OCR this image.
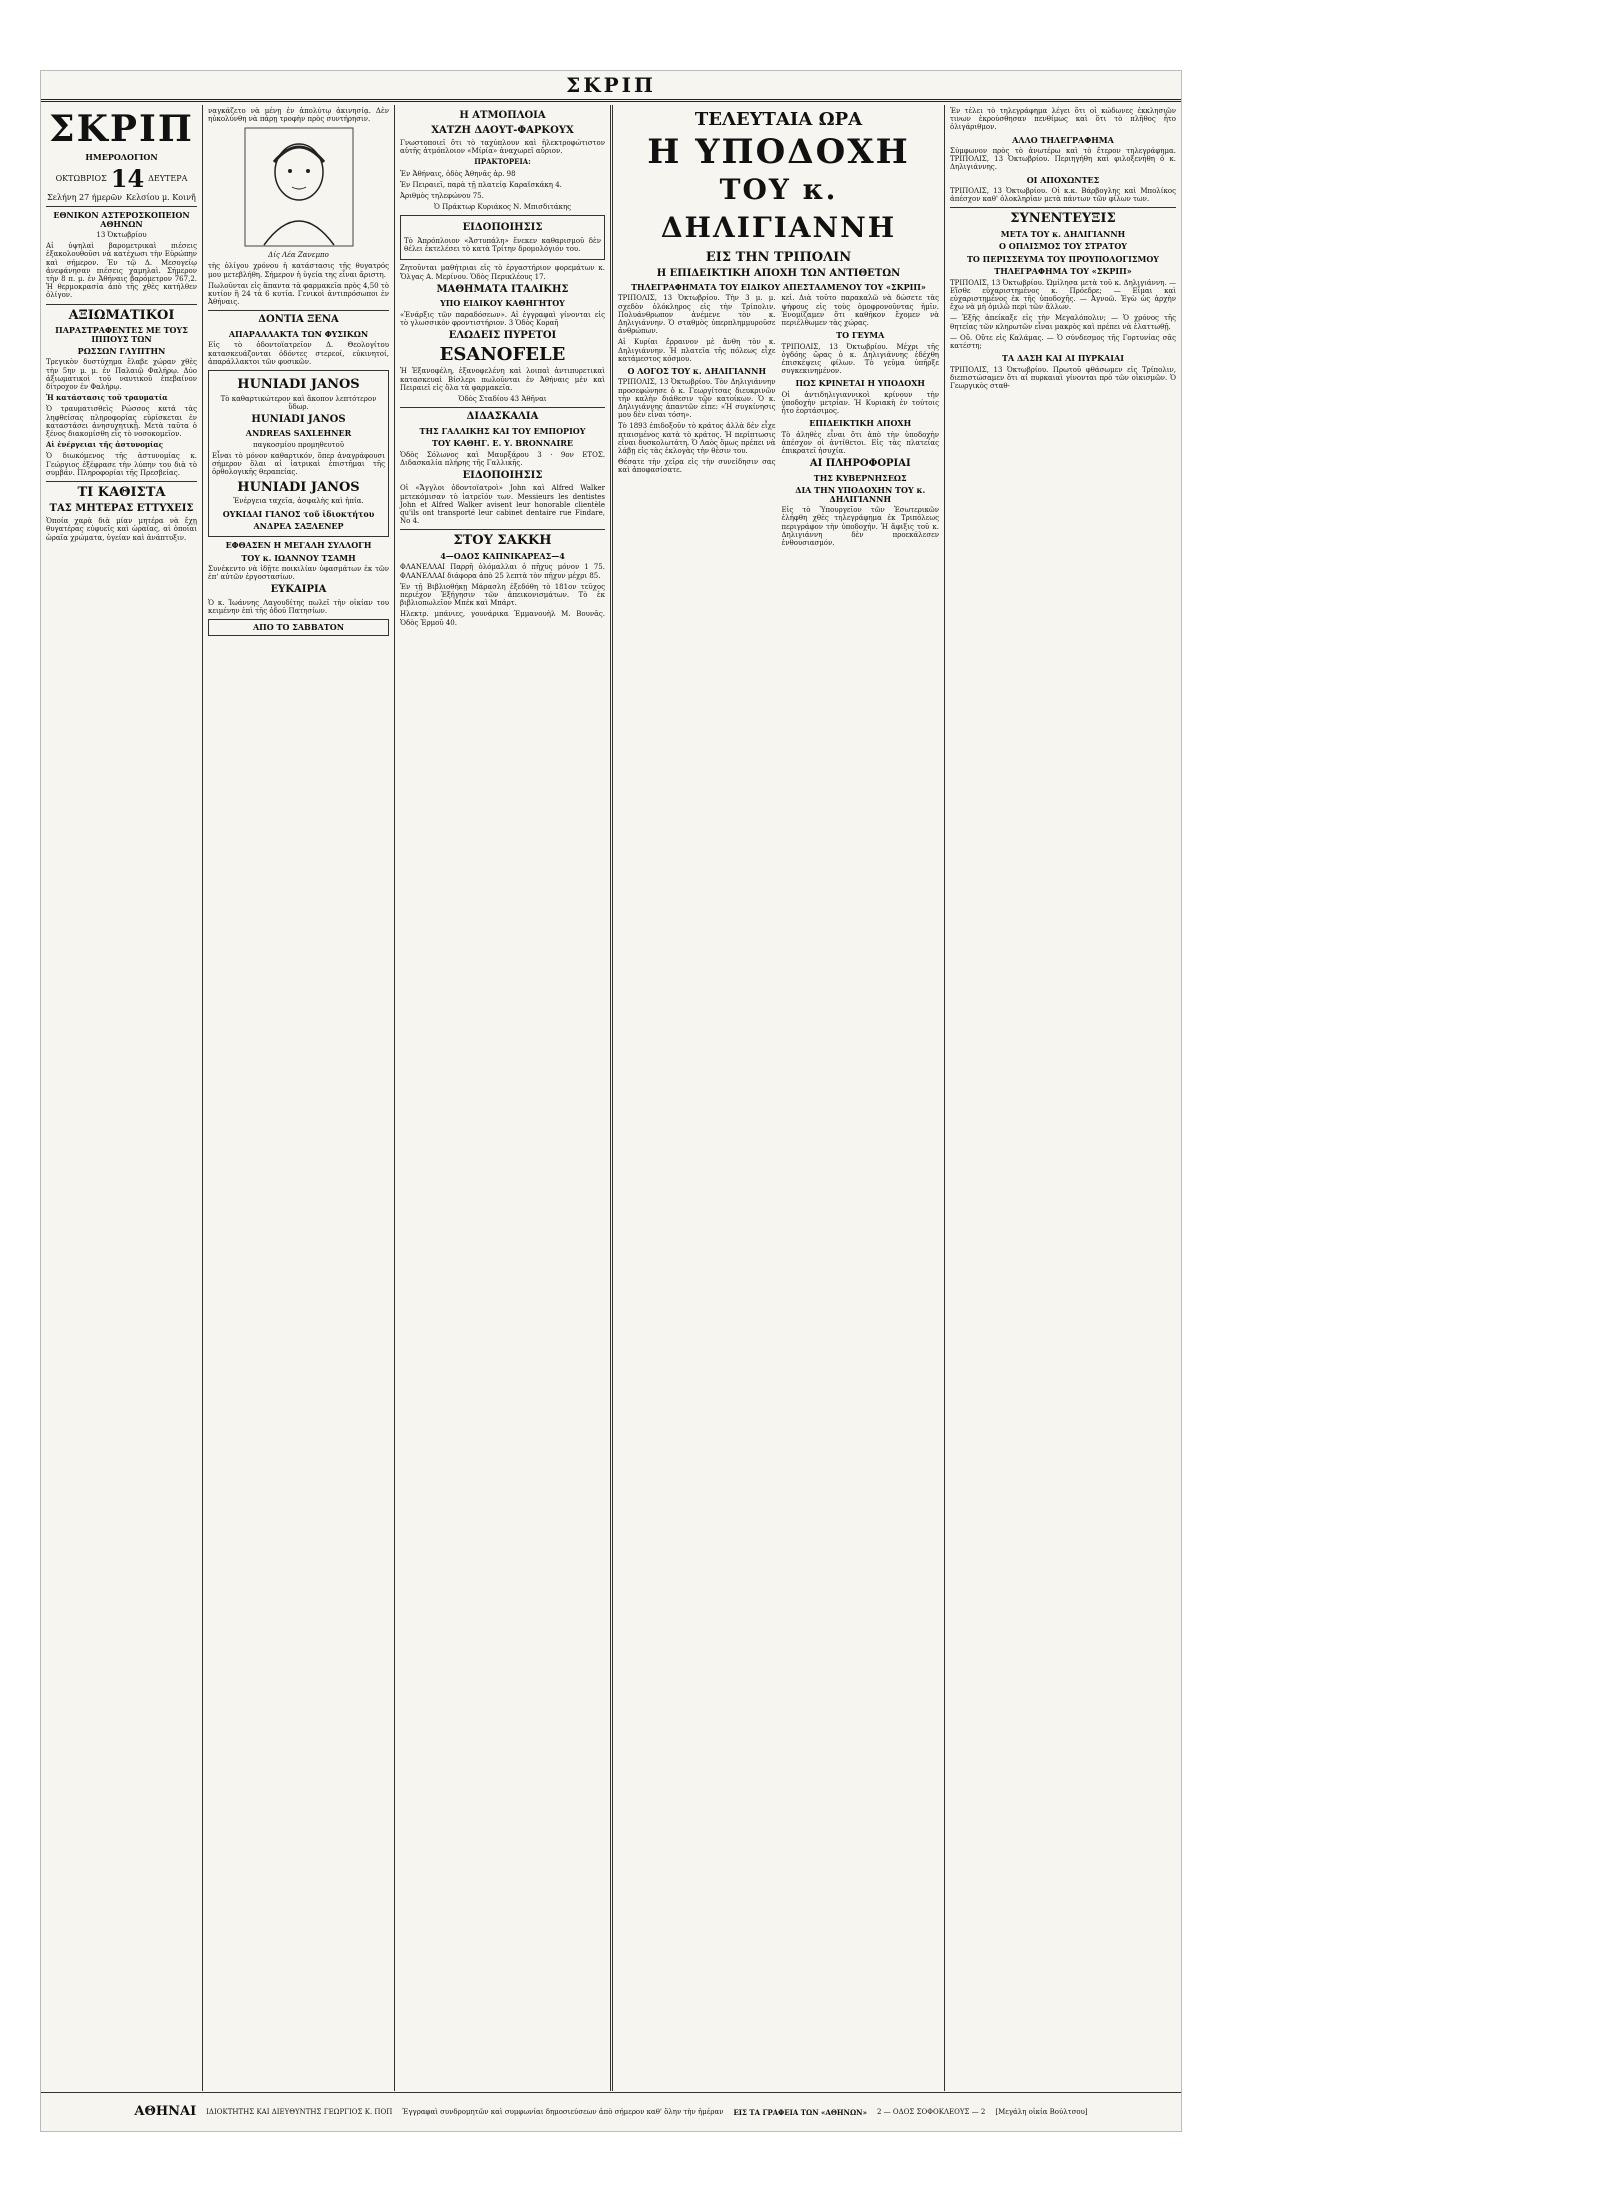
ΣΚΡΙΠ
ΣΚΡΙΠ
ΗΜΕΡΟΛΟΓΙΟΝ
ΟΚΤΩΒΡΙΟΣ 14 ΔΕΥΤΕΡΑ
Σελήνη 27 ήμερῶν Κελσίου μ. Κοινῆ
ΕΘΝΙΚΟΝ ΑΣΤΕΡΟΣΚΟΠΕΙΟΝ ΑΘΗΝΩΝ

13 Ὀκτωβρίου

Αἱ ὑψηλαὶ βαρομετρικαὶ πιέσεις ἐξακολουθοῦσι νὰ κατέχωσι τὴν Εὐρώπην καὶ σήμερον. Ἐν τῷ Δ. Μεσογείῳ ἀνεφάνησαν πιέσεις χαμηλαὶ. Σήμερον τὴν 8 π. μ. ἐν Ἀθήναις βαρόμετρον 767,2. Ἡ θερμοκρασία ἀπὸ τῆς χθὲς κατήλθεν ὀλίγον.

ΑΞΙΩΜΑΤΙΚΟΙ
ΠΑΡΑΣΤΡΑΦΕΝΤΕΣ ΜΕ ΤΟΥΣ ΙΠΠΟΥΣ ΤΩΝ
ΡΩΣΣΩΝ ΓΛΥΠΤΗΝ

Τρεγικὸν δυστύχημα ἔλαβε χώραν χθὲς τὴν 5ην μ. μ. ἐν Παλαιῷ Φαλήρῳ. Δύο ἀξιωματικοὶ τοῦ ναυτικοῦ ἐπεβαίνον δίτροχον ἐν Φαλήρῳ.

Ἡ κατάστασις τοῦ τραυματία

Ὁ τραυματισθεὶς Ρώσσος κατά τὰς ληφθείσας πληροφορίας εὑρίσκεται ἐν καταστάσει ἀνησυχητικῇ. Μετὰ ταῦτα ὁ ξένος διακομίσθη εἰς τὸ νοσοκομεῖον.

Αἱ ἐνέργειαι τῆς ἀστυνομίας

Ὁ διωκόμενος τῆς ἀστυνομίας κ. Γεώργιος ἐξέφρασε τὴν λύπην του διὰ τὸ συμβάν. Πληροφορίαι τῆς Πρεσβείας.

ΤΙ ΚΑΘΙΣΤΑ
ΤΑΣ ΜΗΤΕΡΑΣ ΕΤΤΥΧΕΙΣ

Ὁποία χαρὰ διὰ μίαν μητέρα νὰ ἔχῃ θυγατέρας εὐφυεῖς καὶ ὡραίας, αἱ ὁποῖαι ὡραῖα χρώματα, ὑγείαν καὶ ἀνάπτυξιν.

ναγκάζετο νὰ μένῃ ἐν ἀπολύτῳ ἀκινησίᾳ. Δὲν ηὐκολύνθη νὰ πάρῃ τροφὴν πρὸς συντήρησιν.

Δίς Λέα Ζανεμπο

τὴς ὀλίγου χρόνου ἡ κατάστασις τῆς θυγατρός μου μετεβλήθη. Σήμερον ἡ ὑγεία της εἶναι ἄριστη.

Πωλοῦνται εἰς ἅπαντα τὰ φαρμακεῖα πρὸς 4,50 τὸ κυτίον ἢ 24 τὰ 6 κυτία. Γενικοὶ ἀντιπρόσωποι ἐν Ἀθήναις.

ΔΟΝΤΙΑ ΞΕΝΑ
ΑΠΑΡΑΛΛΑΚΤΑ ΤΩΝ ΦΥΣΙΚΩΝ

Εἰς τὸ ὀδοντοϊατρεῖον Δ. Θεολογίτου κατασκευάζονται ὀδόντες στερεοί, εὐκινητοί, ἀπαράλλακτοι τῶν φυσικῶν.

HUNIADI JANOS

Τὸ καθαρτικώτερον καὶ ἄκοπον λεπτότερον ὕδωρ.

HUNIADI JANOS
ANDREAS SAXLEHNER

παγκοσμίου προμηθευτοῦ

Εἶναι τὸ μόνον καθαρτικόν, ὅπερ ἀναγράφουσι σήμερον ὅλαι αἱ ἰατρικαὶ ἐπιστῆμαι τῆς ὀρθολογικῆς θεραπείας.

HUNIADI JANOS

Ἐνέργεια ταχεῖα, ἀσφαλὴς καὶ ἡπία.

ΟΥΚΙΔΑΙ ΓΙΑΝΟΣ τοῦ ἰδιοκτήτου
ΑΝΔΡΕΑ ΣΑΞΛΕΝΕΡ
ΕΦΘΑΣΕΝ Η ΜΕΓΑΛΗ ΣΥΛΛΟΓΗ
ΤΟΥ κ. ΙΩΑΝΝΟΥ ΤΣΑΜΗ

Συνέκεντο νὰ ἰδῇτε ποικιλίαν ὑφασμάτων ἐκ τῶν ἐπ' αὐτῶν ἐργοστασίων.

ΕΥΚΑΙΡΙΑ

Ὁ κ. Ἰωάννης Λαγουδίτης πωλεῖ τὴν οἰκίαν του κειμένην ἐπὶ τῆς ὁδοῦ Πατησίων.

ΑΠΟ ΤΟ ΣΑΒΒΑΤΟΝ
Η ΑΤΜΟΠΛΟΙΑ
ΧΑΤΖΗ ΔΑΟΥΤ-ΦΑΡΚΟΥΧ

Γνωστοποιεῖ ὅτι τὸ ταχύπλουν καὶ ἠλεκτροφώτιστον αὐτῆς ἀτμόπλοιον «Μίρία» ἀναχωρεῖ αὔριον.

ΠΡΑΚΤΟΡΕΙΑ:

Ἐν Ἀθήναις, ὁδὸς Ἀθηνᾶς ἀρ. 98

Ἐν Πειραιεῖ, παρὰ τῇ πλατείᾳ Καραϊσκάκη 4.

Ἀριθμὸς τηλεφώνου 75.

Ὁ Πράκτωρ Κυριάκος Ν. Μπισδιτάκης

ΕΙΔΟΠΟΙΗΣΙΣ

Τὸ Ἀπρόπλοιον «Ἀστυπάλη» ἕνεκεν καθαρισμοῦ δὲν θέλει ἐκτελέσει τὸ κατὰ Τρίτην δρομολόγιόν του.

Ζητοῦνται μαθήτριαι εἰς τὸ ἐργαστήριον φορεμάτων κ. Ὄλγας Α. Μερίνου. Ὁδὸς Περικλέους 17.

ΜΑΘΗΜΑΤΑ ΙΤΑΛΙΚΗΣ
ΥΠΟ ΕΙΔΙΚΟΥ ΚΑΘΗΓΗΤΟΥ

«Ἐνάρξις τῶν παραδόσεων». Αἱ ἐγγραφαὶ γίνονται εἰς τὸ γλωσσικὸν φροντιστήριον. 3 Ὁδὸς Κοραῆ

ΕΛΩΔΕΙΣ ΠΥΡΕΤΟΙ
ESANOFELE

Ἡ Ἐξανοφέλη, ἐξανοφελένη καὶ λοιπαὶ ἀντιπυρετικαὶ κατασκευαὶ Βίσλερι πωλοῦνται ἐν Ἀθήναις μὲν καὶ Πειραιεῖ εἰς ὅλα τὰ φαρμακεῖα.

Ὁδὸς Σταδίου 43 Ἀθῆναι

ΔΙΔΑΣΚΑΛΙΑ
ΤΗΣ ΓΑΛΛΙΚΗΣ ΚΑΙ ΤΟΥ ΕΜΠΟΡΙΟΥ
ΤΟΥ ΚΑΘΗΓ. Ε. Υ. BRONNAIRE

Ὁδὸς Σόλωνος καὶ Μαυρξάρου 3 · 9ον ΕΤΟΣ. Διδασκαλία πλήρης τῆς Γαλλικῆς.

ΕΙΔΟΠΟΙΗΣΙΣ

Οἱ «Ἄγγλοι ὀδοντοϊατροὶ» John καὶ Alfred Walker μετεκόμισαν τὸ ἰατρεῖόν των. Messieurs les dentistes John et Alfred Walker avisent leur honorable clientèle qu'ils ont transporté leur cabinet dentaire rue Findare, No 4.

ΣΤΟΥ ΣΑΚΚΗ
4—ΟΔΟΣ ΚΑΠΝΙΚΑΡΕΑΣ—4

ΦΛΑΝΕΛΛΑΙ Παρρῆ ὁλόμαλλαι ὁ πῆχυς μόνον 1 75. ΦΛΑΝΕΛΛΑΙ διάφορα ἀπὸ 25 λεπτὰ τὸν πῆχυν μέχρι 85.

Ἐν τῇ Βιβλιοθήκῃ Μάρασλη ἐξεδόθη τὸ 181ον τεῦχος περιέχον Ἐξήγησιν τῶν ἀπεικονισμάτων. Τὸ ἐκ βιβλιοπωλεῖον Μπέκ καὶ Μπάρτ.

Ηλεκτρ. μπάνιες, γουνάρικα Ἐμμανουὴλ Μ. Βουνᾶς. Ὁδὸς Ἑρμοῦ 40.

ΤΕΛΕΥΤΑΙΑ ΩΡΑ
Η ΥΠΟΔΟΧΗ
ΤΟΥ κ. ΔΗΛΙΓΙΑΝΝΗ
ΕΙΣ ΤΗΝ ΤΡΙΠΟΛΙΝ
Η ΕΠΙΔΕΙΚΤΙΚΗ ΑΠΟΧΗ ΤΩΝ ΑΝΤΙΘΕΤΩΝ
ΤΗΛΕΓΡΑΦΗΜΑΤΑ ΤΟΥ ΕΙΔΙΚΟΥ ΑΠΕΣΤΑΛΜΕΝΟΥ ΤΟΥ «ΣΚΡΙΠ»

ΤΡΙΠΟΛΙΣ, 13 Ὀκτωβρίου. Τὴν 3 μ. μ. σχεδὸν ὁλόκληρος εἰς τὴν Τρίπολιν. Πολυάνθρωπον ἀνέμενε τὸν κ. Δηλιγιάννην. Ὁ σταθμὸς ὑπερπλημμυροῦσε ἀνθρώπων.

Αἱ Κυρίαι ἔρραινον μὲ ἄνθη τὸν κ. Δηλιγιάννην. Ἡ πλατεῖα τῆς πόλεως εἶχε κατάμεστος κόσμου.

Ο ΛΟΓΟΣ ΤΟΥ κ. ΔΗΛΙΓΙΑΝΝΗ

ΤΡΙΠΟΛΙΣ, 13 Ὀκτωβρίου. Τὸν Δηλιγιάννην προσεφώνησε ὁ κ. Γεωργίτσας διευκρινῶν τὴν καλὴν διάθεσιν τῶν κατοίκων. Ὁ κ. Δηλιγιάννης ἀπαντῶν εἶπε: «Ἡ συγκίνησις μου δὲν εἶναι τόση».

Τὸ 1893 ἐπιδοξοῦν τὸ κράτος ἀλλὰ δὲν εἶχε πταισμένος κατὰ τὸ κράτος. Ἡ περίπτωσις εἶναι δυσκολωτάτη. Ὁ Λαὸς ὅμως πρέπει νὰ λάβῃ εἰς τὰς ἐκλογὰς τὴν θέσιν του.

Θέσατε τὴν χεῖρα εἰς τὴν συνείδησιν σας καὶ ἀποφασίσατε.

κεἰ. Διὰ τοῦτο παρακαλῶ νὰ δώσετε τὰς ψήφους εἰς τοὺς ὁμοφρονοῦντας ἡμῖν. Ἐνομίζαμεν ὅτι καθῆκον ἔχομεν νὰ περιέλθωμεν τὰς χώρας.

ΤΟ ΓΕΥΜΑ

ΤΡΙΠΟΛΙΣ, 13 Ὀκτωβρίου. Μέχρι τῆς ὀγδόης ὥρας ὁ κ. Δηλιγιάννης ἐδέχθη ἐπισκέψεις φίλων. Τὸ γεῦμα ὑπῆρξε συγκεκινημένον.

ΠΩΣ ΚΡΙΝΕΤΑΙ Η ΥΠΟΔΟΧΗ

Οἱ ἀντιδηλιγιαννικοὶ κρίνουν τὴν ὑποδοχὴν μετρίαν. Ἡ Κυριακὴ ἐν τούτοις ἦτο ἑορτάσιμος.

ΕΠΙΔΕΙΚΤΙΚΗ ΑΠΟΧΗ

Τὸ ἀληθὲς εἶναι ὅτι ἀπὸ τὴν ὑποδοχὴν ἀπέσχον οἱ ἀντίθετοι. Εἰς τὰς πλατείας ἐπικρατεῖ ἡσυχία.

ΑΙ ΠΛΗΡΟΦΟΡΙΑΙ
ΤΗΣ ΚΥΒΕΡΝΗΣΕΩΣ
ΔΙΑ ΤΗΝ ΥΠΟΔΟΧΗΝ ΤΟΥ κ. ΔΗΛΙΓΙΑΝΝΗ

Εἰς τὸ Ὑπουργεῖον τῶν Ἐσωτερικῶν ἐλήφθη χθὲς τηλεγράφημα ἐκ Τριπόλεως περιγράφον τὴν ὑποδοχήν. Ἡ ἄφιξις τοῦ κ. Δηλιγιάννη δὲν προεκάλεσεν ἐνθουσιασμόν.

Ἐν τέλει τὸ τηλεγράφημα λέγει ὅτι οἱ κώδωνες ἐκκλησιῶν τινων ἐκρούσθησαν πενθίμως καὶ ὅτι τὸ πλῆθος ἦτο ὀλιγάριθμον.

ΑΛΛΟ ΤΗΛΕΓΡΑΦΗΜΑ

Σύμφωνον πρὸς τὸ ἀνωτέρω καὶ τὸ ἔτερον τηλεγράφημα. ΤΡΙΠΟΛΙΣ, 13 Ὀκτωβρίου. Περιηγήθη καὶ φιλοξενήθη ὁ κ. Δηλιγιάννης.

ΟΙ ΑΠΟΧΩΝΤΕΣ

ΤΡΙΠΟΛΙΣ, 13 Ὀκτωβρίου. Οἱ κ.κ. Βάρβογλης καὶ Μπολίκος ἀπέσχον καθ' ὁλοκληρίαν μετὰ πάντων τῶν φίλων των.

ΣΥΝΕΝΤΕΥΞΙΣ
ΜΕΤΑ ΤΟΥ κ. ΔΗΛΙΓΙΑΝΝΗ
Ο ΟΠΛΙΣΜΟΣ ΤΟΥ ΣΤΡΑΤΟΥ
ΤΟ ΠΕΡΙΣΣΕΥΜΑ ΤΟΥ ΠΡΟΥΠΟΛΟΓΙΣΜΟΥ
ΤΗΛΕΓΡΑΦΗΜΑ ΤΟΥ «ΣΚΡΙΠ»

ΤΡΙΠΟΛΙΣ, 13 Ὀκτωβρίου. Ὡμίλησα μετὰ τοῦ κ. Δηλιγιάννη. — Εἴσθε εὐχαριστημένος κ. Πρόεδρε; — Εἶμαι καὶ εὐχαριστημένος ἐκ τῆς ὑποδοχῆς. — Ἀγνοῶ. Ἐγὼ ὡς ἀρχὴν ἔχω νὰ μὴ ὁμιλῶ περὶ τῶν ἄλλων.

— Ἐξῆς ἀπείκαξε εἰς τὴν Μεγαλόπολιν; — Ὁ χρόνος τῆς θητείας τῶν κληρωτῶν εἶναι μακρὸς καὶ πρέπει νὰ ἐλαττωθῇ.

— Οὔ. Οὔτε εἰς Καλάμας. — Ὁ σύνδεσμος τῆς Γορτυνίας σᾶς κατέστη;

ΤΑ ΔΑΣΗ ΚΑΙ ΑΙ ΠΥΡΚΑΙΑΙ

ΤΡΙΠΟΛΙΣ, 13 Ὀκτωβρίου. Πρωτοῦ φθάσωμεν εἰς Τρίπολιν, διεπιστώσαμεν ὅτι αἱ πυρκαιαὶ γίνονται πρὸ τῶν οἰκισμῶν. Ὁ Γεωργικὸς σταθ-

ΑΘΗΝΑΙ ΙΔΙΟΚΤΗΤΗΣ ΚΑΙ ΔΙΕΥΘΥΝΤΗΣ ΓΕΩΡΓΙΟΣ Κ. ΠΟΠ Ἐγγραφαὶ συνδρομητῶν καὶ συμφωνίαι δημοσιεύσεων ἀπὸ σήμερον καθ' ὅλην τὴν ἡμέραν ΕΙΣ ΤΑ ΓΡΑΦΕΙΑ ΤΩΝ «ΑΘΗΝΩΝ» 2 — ΟΔΟΣ ΣΟΦΟΚΛΕΟΥΣ — 2 [Μεγάλη οἰκία Βούλτσου]
